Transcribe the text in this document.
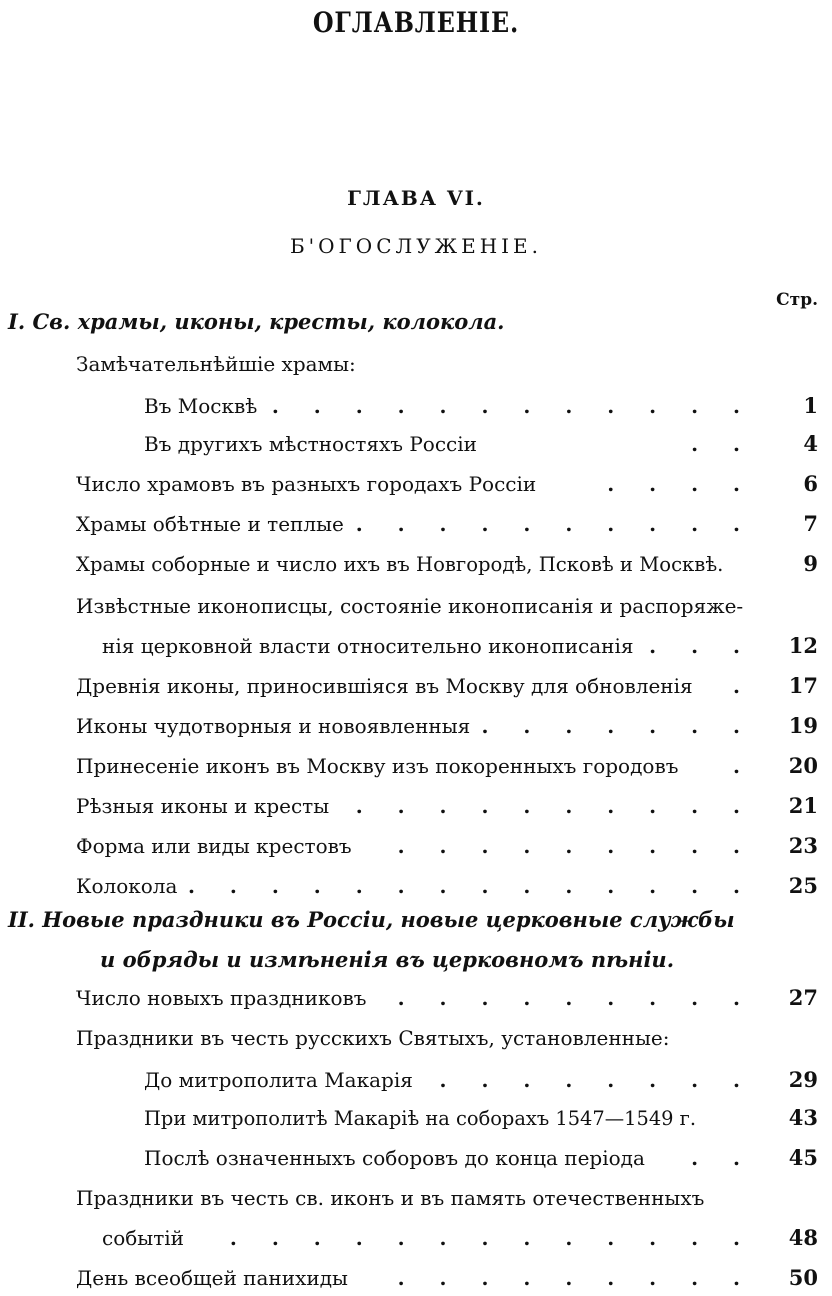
ОГЛАВЛЕНІЕ.
ГЛАВА VI.
Б'ОГОСЛУЖЕНІЕ.
Стр.
I. Св. храмы, иконы, кресты, колокола.
Замѣчательнѣйшіе храмы:
Въ Москвѣ . . . . . . . . . . . .	1
Въ другихъ мѣстностяхъ Россіи	. .	4
Число храмовъ въ разныхъ городахъ Россіи	. . . .	6
Храмы обѣтные и теплые . . . . . . . . . .	7
Храмы соборные и число ихъ въ Новгородѣ, Псковѣ и Москвѣ.	9
Извѣстные иконописцы, состояніе иконописанія и распоряже-
нія церковной власти относительно иконописанія . . .	12
Древнія иконы, приносившіяся въ Москву для обновленія .	17
Иконы чудотворныя и новоявленныя . . . . . . .	19
Принесеніе иконъ въ Москву изъ покоренныхъ городовъ	.	20
Рѣзныя иконы и кресты . . . . . . . . . .	21
Форма или виды крестовъ . . . . . . . . .	23
Колокола . . . . . . . . . . . . . .	25
II. Новые праздники въ Россіи, новые церковные службы
и обряды и измѣненія въ церковномъ пѣніи.
Число новыхъ праздниковъ . . . . . . . . .	27
Праздники въ честь русскихъ Святыхъ, установленные:
До митрополита Макарія . . . . . . . .	29
При митрополитѣ Макаріѣ на соборахъ 1547—1549 г.	43
Послѣ означенныхъ соборовъ до конца періода . .	45
Праздники въ честь св. иконъ и въ память отечественныхъ
событій . . . . . . . . . . . . .	48
День всеобщей панихиды . . . . . . . . .	50
